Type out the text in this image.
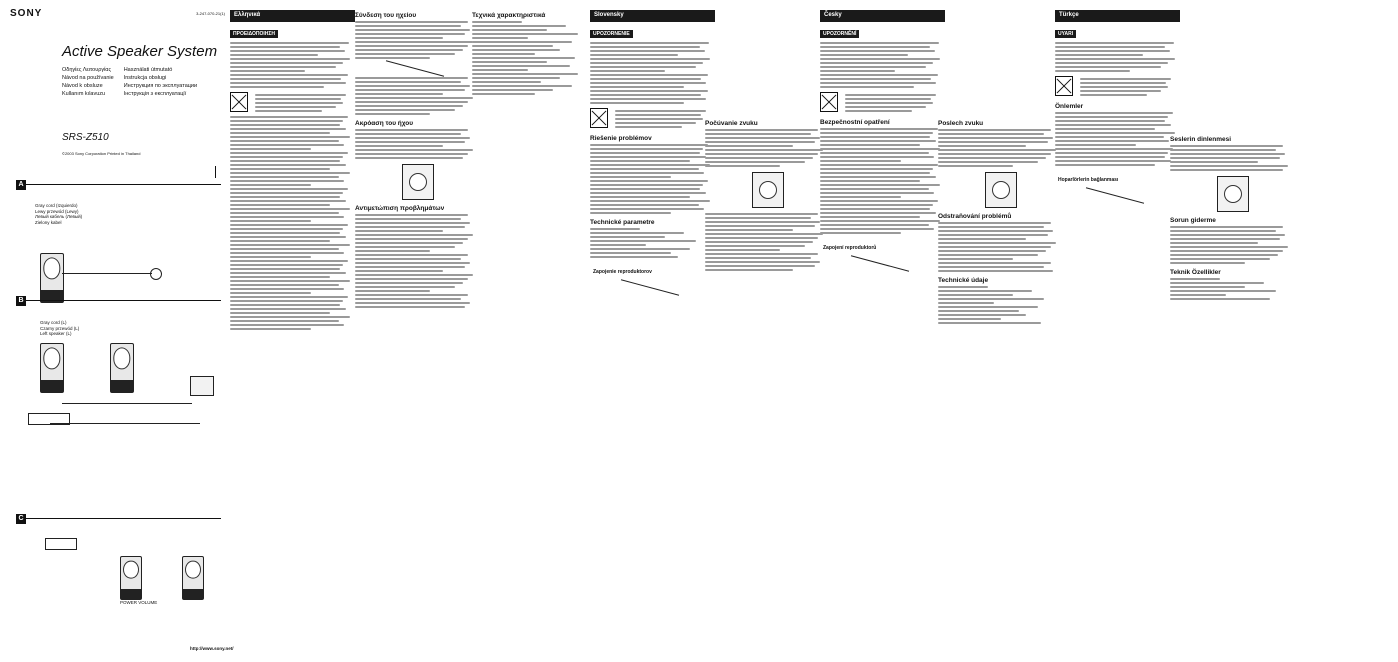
SONY	3-247-070-21(1)
Active Speaker System
Οδηγίες Λειτουργίας
Návod na používanie
Návod k obsluze
Kullanım kılavuzu
Használati útmutató
Instrukcja obsługi
Инструкция по эксплуатации
Інструкція з експлуатації
SRS-Z510
©2003 Sony Corporation Printed in Thailand
A
Gray cord (Izquierdo)
Lewy przewód (Lewy)
Левый кабель (Левый)
Zielony kabel
B
Gray cord (L)
Czarny przewód (L)
Left speaker (L)
C
POWER VOLUME
http://www.sony.net/
Ελληνικά
ΠΡΟΕΙΔΟΠΟΙΗΣΗ

Σύνδεση του ηχείου
Ακρόαση του ήχου
Αντιμετώπιση προβλημάτων
Τεχνικά χαρακτηριστικά	Slovensky
UPOZORNENIE

Riešenie problémov
Technické parametre
Zapojenie reproduktorov
Počúvanie zvuku
Česky
UPOZORNĚNÍ

Bezpečnostní opatření
Zapojení reproduktorů
Poslech zvuku
Odstraňování problémů
Technické údaje
Türkçe
UYARI

Önlemler
Hoparlörlerin bağlanması
Seslerin dinlenmesi
Sorun giderme
Teknik Özellikler
